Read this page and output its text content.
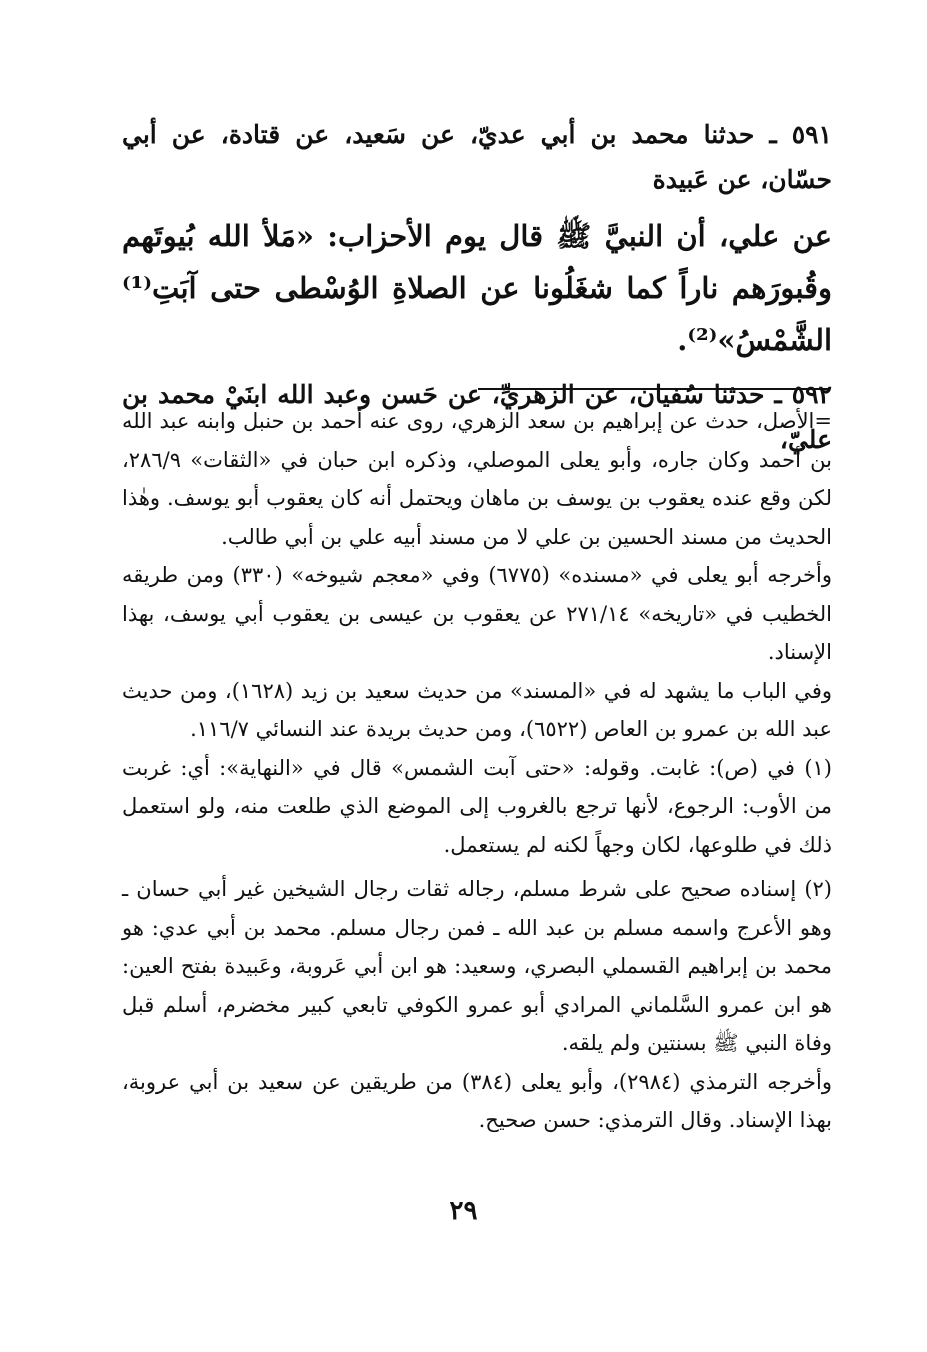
٥٩١ ـ حدثنا محمد بن أبي عديّ، عن سَعيد، عن قتادة، عن أبي حسّان، عن عَبيدة

عن علي، أن النبيَّ ﷺ قال يوم الأحزاب: «مَلأ الله بُيوتَهم وقُبورَهم ناراً كما شغَلُونا عن الصلاةِ الوُسْطى حتى آبَتِ⁽¹⁾ الشَّمْسُ»⁽²⁾.

٥٩٢ ـ حدثنا سُفيان، عن الزهريِّ، عن حَسن وعبد الله ابنَيْ محمد بن عليّ،

=الأصل، حدث عن إبراهيم بن سعد الزهري، روى عنه أحمد بن حنبل وابنه عبد الله بن أحمد وكان جاره، وأبو يعلى الموصلي، وذكره ابن حبان في «الثقات» ٢٨٦/٩، لكن وقع عنده يعقوب بن يوسف بن ماهان ويحتمل أنه كان يعقوب أبو يوسف. وهٰذا الحديث من مسند الحسين بن علي لا من مسند أبيه علي بن أبي طالب.

وأخرجه أبو يعلى في «مسنده» (٦٧٧٥) وفي «معجم شيوخه» (٣٣٠) ومن طريقه الخطيب في «تاريخه» ٢٧١/١٤ عن يعقوب بن عيسى بن يعقوب أبي يوسف، بهذا الإسناد.

وفي الباب ما يشهد له في «المسند» من حديث سعيد بن زيد (١٦٢٨)، ومن حديث عبد الله بن عمرو بن العاص (٦٥٢٢)، ومن حديث بريدة عند النسائي ١١٦/٧.

(١) في (ص): غابت. وقوله: «حتى آبت الشمس» قال في «النهاية»: أي: غربت من الأوب: الرجوع، لأنها ترجع بالغروب إلى الموضع الذي طلعت منه، ولو استعمل ذلك في طلوعها، لكان وجهاً لكنه لم يستعمل.

(٢) إسناده صحيح على شرط مسلم، رجاله ثقات رجال الشيخين غير أبي حسان ـ وهو الأعرج واسمه مسلم بن عبد الله ـ فمن رجال مسلم. محمد بن أبي عدي: هو محمد بن إبراهيم القسملي البصري، وسعيد: هو ابن أبي عَروبة، وعَبيدة بفتح العين: هو ابن عمرو السَّلماني المرادي أبو عمرو الكوفي تابعي كبير مخضرم، أسلم قبل وفاة النبي ﷺ بسنتين ولم يلقه.

وأخرجه الترمذي (٢٩٨٤)، وأبو يعلى (٣٨٤) من طريقين عن سعيد بن أبي عروبة، بهذا الإسناد. وقال الترمذي: حسن صحيح.

٢٩
